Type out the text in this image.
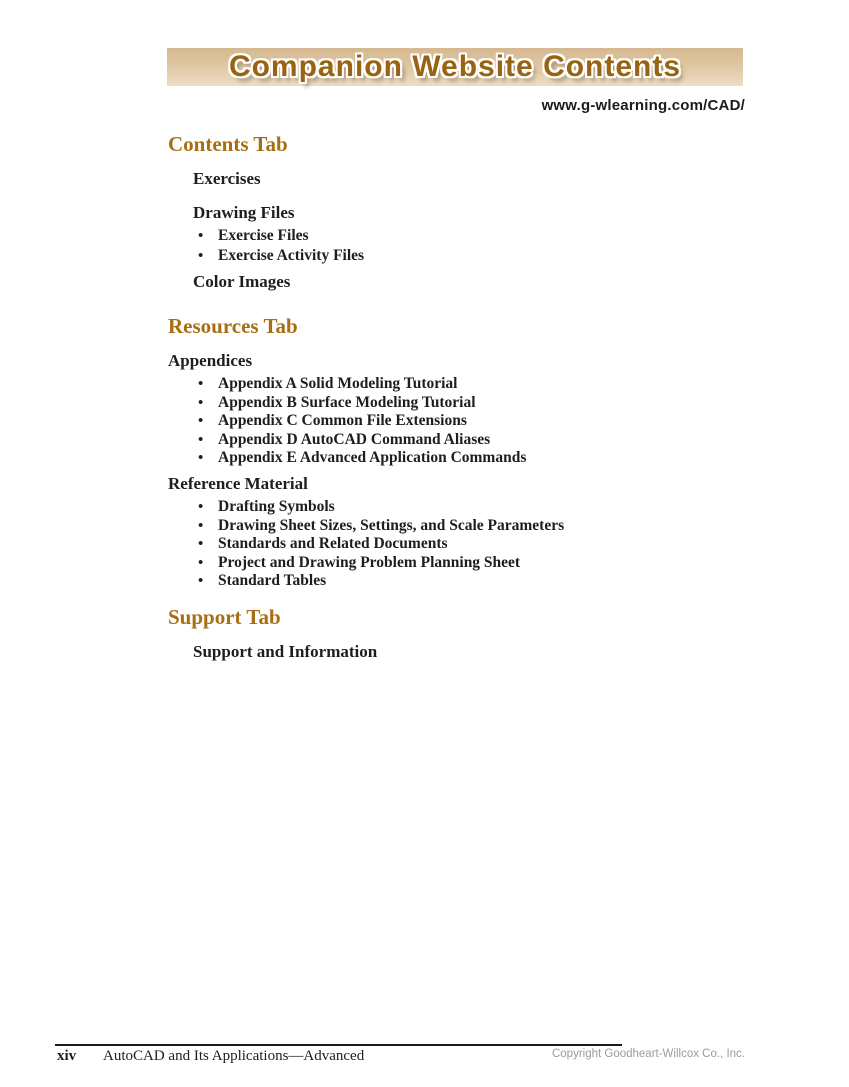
Companion Website Contents
www.g-wlearning.com/CAD/
Contents Tab
Exercises
Drawing Files
•
Exercise Files
•
Exercise Activity Files
Color Images
Resources Tab
Appendices
•
Appendix A Solid Modeling Tutorial
•
Appendix B Surface Modeling Tutorial
•
Appendix C Common File Extensions
•
Appendix D AutoCAD Command Aliases
•
Appendix E Advanced Application Commands
Reference Material
•
Drafting Symbols
•
Drawing Sheet Sizes, Settings, and Scale Parameters
•
Standards and Related Documents
•
Project and Drawing Problem Planning Sheet
•
Standard Tables
Support Tab
Support and Information
xiv AutoCAD and Its Applications—Advanced	Copyright Goodheart-Willcox Co., Inc.
